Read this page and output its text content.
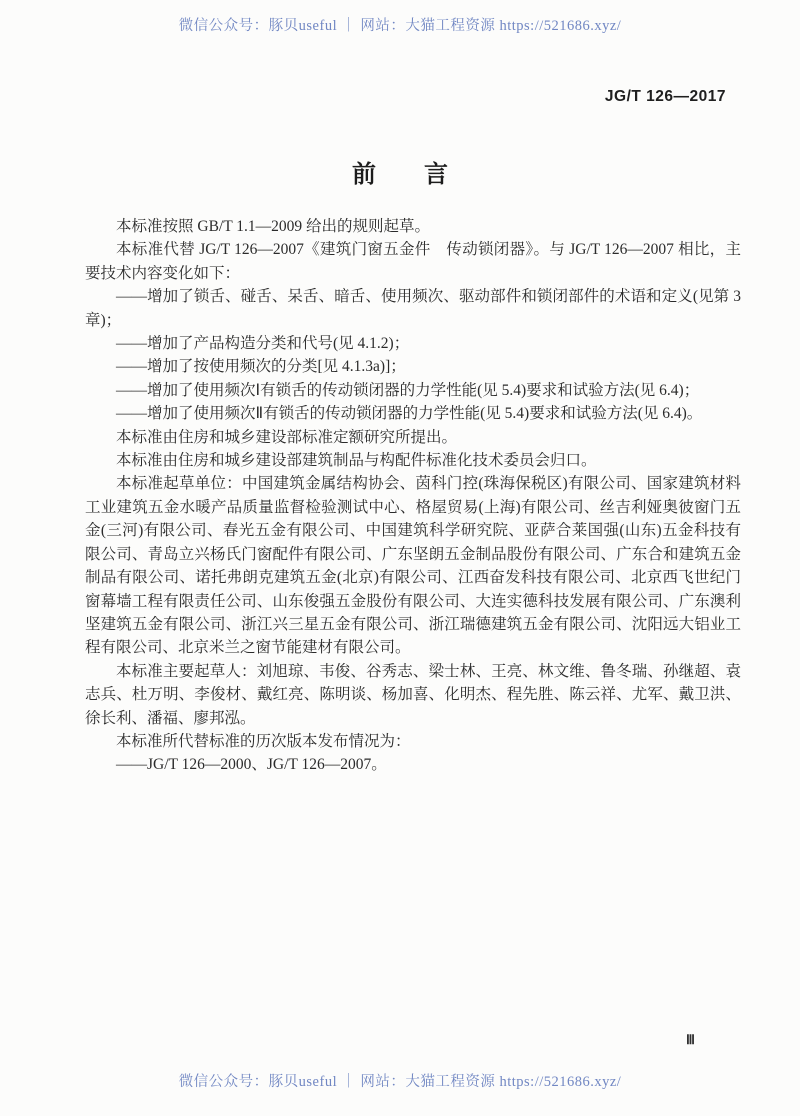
微信公众号：豚贝useful ｜ 网站：大猫工程资源 https://521686.xyz/
JG/T 126—2017
前　　言

本标准按照 GB/T 1.1—2009 给出的规则起草。

本标准代替 JG/T 126—2007《建筑门窗五金件　传动锁闭器》。与 JG/T 126—2007 相比，主要技术内容变化如下：

——增加了锁舌、碰舌、呆舌、暗舌、使用频次、驱动部件和锁闭部件的术语和定义(见第 3 章)；

——增加了产品构造分类和代号(见 4.1.2)；

——增加了按使用频次的分类[见 4.1.3a)]；

——增加了使用频次Ⅰ有锁舌的传动锁闭器的力学性能(见 5.4)要求和试验方法(见 6.4)；

——增加了使用频次Ⅱ有锁舌的传动锁闭器的力学性能(见 5.4)要求和试验方法(见 6.4)。

本标准由住房和城乡建设部标准定额研究所提出。

本标准由住房和城乡建设部建筑制品与构配件标准化技术委员会归口。

本标准起草单位：中国建筑金属结构协会、茵科门控(珠海保税区)有限公司、国家建筑材料工业建筑五金水暖产品质量监督检验测试中心、格屋贸易(上海)有限公司、丝吉利娅奥彼窗门五金(三河)有限公司、春光五金有限公司、中国建筑科学研究院、亚萨合莱国强(山东)五金科技有限公司、青岛立兴杨氏门窗配件有限公司、广东坚朗五金制品股份有限公司、广东合和建筑五金制品有限公司、诺托弗朗克建筑五金(北京)有限公司、江西奋发科技有限公司、北京西飞世纪门窗幕墙工程有限责任公司、山东俊强五金股份有限公司、大连实德科技发展有限公司、广东澳利坚建筑五金有限公司、浙江兴三星五金有限公司、浙江瑞德建筑五金有限公司、沈阳远大铝业工程有限公司、北京米兰之窗节能建材有限公司。

本标准主要起草人：刘旭琼、韦俊、谷秀志、梁士林、王亮、林文维、鲁冬瑞、孙继超、袁志兵、杜万明、李俊材、戴红亮、陈明谈、杨加喜、化明杰、程先胜、陈云祥、尤军、戴卫洪、徐长利、潘福、廖邦泓。

本标准所代替标准的历次版本发布情况为：

——JG/T 126—2000、JG/T 126—2007。

Ⅲ
微信公众号：豚贝useful ｜ 网站：大猫工程资源 https://521686.xyz/
